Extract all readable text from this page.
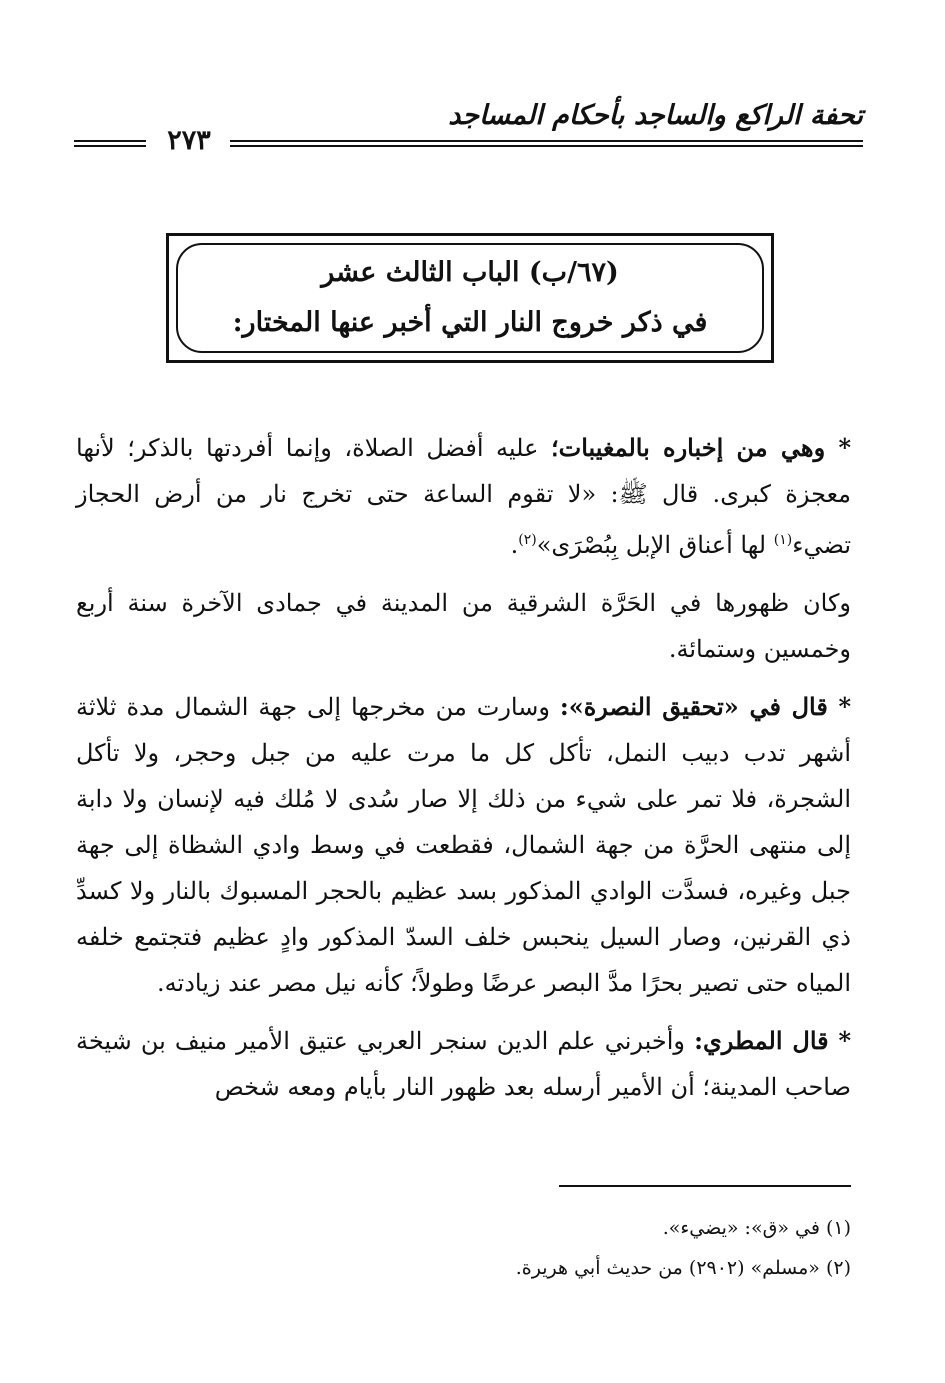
تحفة الراكع والساجد بأحكام المساجد
٢٧٣
(٦٧/ب) الباب الثالث عشر
في ذكر خروج النار التي أخبر عنها المختار:

* وهي من إخباره بالمغيبات؛ عليه أفضل الصلاة، وإنما أفردتها بالذكر؛ لأنها معجزة كبرى. قال ﷺ: «لا تقوم الساعة حتى تخرج نار من أرض الحجاز تضيء$^{(١)}$ لها أعناق الإبل بِبُصْرَى»$^{(٢)}$.

وكان ظهورها في الحَرَّة الشرقية من المدينة في جمادى الآخرة سنة أربع وخمسين وستمائة.

* قال في «تحقيق النصرة»: وسارت من مخرجها إلى جهة الشمال مدة ثلاثة أشهر تدب دبيب النمل، تأكل كل ما مرت عليه من جبل وحجر، ولا تأكل الشجرة، فلا تمر على شيء من ذلك إلا صار سُدى لا مُلك فيه لإنسان ولا دابة إلى منتهى الحرَّة من جهة الشمال، فقطعت في وسط وادي الشظاة إلى جهة جبل وغيره، فسدَّت الوادي المذكور بسد عظيم بالحجر المسبوك بالنار ولا كسدِّ ذي القرنين، وصار السيل ينحبس خلف السدّ المذكور وادٍ عظيم فتجتمع خلفه المياه حتى تصير بحرًا مدَّ البصر عرضًا وطولاً؛ كأنه نيل مصر عند زيادته.

* قال المطري: وأخبرني علم الدين سنجر العربي عتيق الأمير منيف بن شيخة صاحب المدينة؛ أن الأمير أرسله بعد ظهور النار بأيام ومعه شخص

(١) في «ق»: «يضيء».
(٢) «مسلم» (٢٩٠٢) من حديث أبي هريرة.
